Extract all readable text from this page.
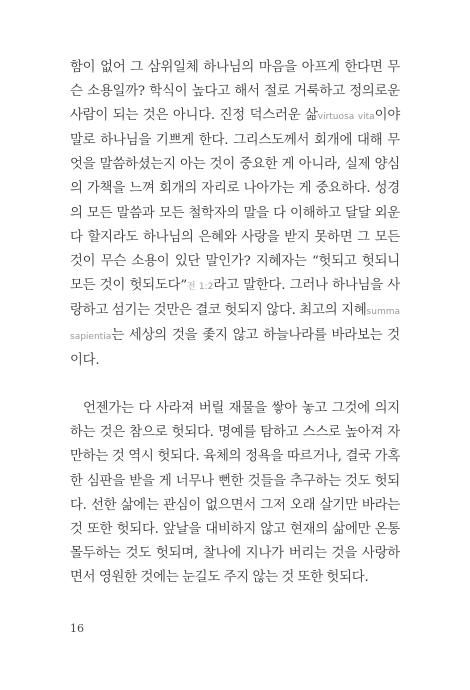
함이 없어 그 삼위일체 하나님의 마음을 아프게 한다면 무슨 소용일까? 학식이 높다고 해서 절로 거룩하고 정의로운 사람이 되는 것은 아니다. 진정 덕스러운 삶virtuosa vita이야말로 하나님을 기쁘게 한다. 그리스도께서 회개에 대해 무엇을 말씀하셨는지 아는 것이 중요한 게 아니라, 실제 양심의 가책을 느껴 회개의 자리로 나아가는 게 중요하다. 성경의 모든 말씀과 모든 철학자의 말을 다 이해하고 달달 외운다 할지라도 하나님의 은혜와 사랑을 받지 못하면 그 모든 것이 무슨 소용이 있단 말인가? 지혜자는 “헛되고 헛되니 모든 것이 헛되도다”전 1:2라고 말한다. 그러나 하나님을 사랑하고 섬기는 것만은 결코 헛되지 않다. 최고의 지혜summa sapientia는 세상의 것을 좇지 않고 하늘나라를 바라보는 것이다.

언젠가는 다 사라져 버릴 재물을 쌓아 놓고 그것에 의지하는 것은 참으로 헛되다. 명예를 탐하고 스스로 높아져 자만하는 것 역시 헛되다. 육체의 정욕을 따르거나, 결국 가혹한 심판을 받을 게 너무나 뻔한 것들을 추구하는 것도 헛되다. 선한 삶에는 관심이 없으면서 그저 오래 살기만 바라는 것 또한 헛되다. 앞날을 대비하지 않고 현재의 삶에만 온통 몰두하는 것도 헛되며, 찰나에 지나가 버리는 것을 사랑하면서 영원한 것에는 눈길도 주지 않는 것 또한 헛되다.

16
